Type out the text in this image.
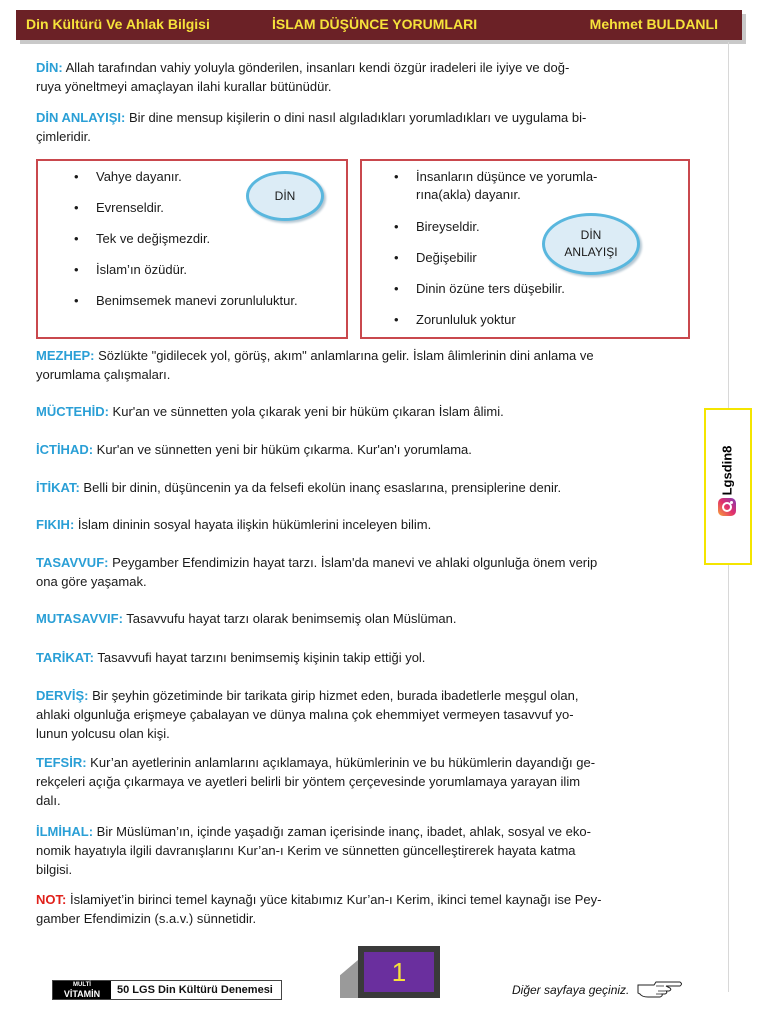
Din Kültürü Ve Ahlak Bilgisi	İSLAM DÜŞÜNCE YORUMLARI	Mehmet BULDANLI
DİN: Allah tarafından vahiy yoluyla gönderilen, insanları kendi özgür iradeleri ile iyiye ve doğ-
ruya yöneltmeyi amaçlayan ilahi kurallar bütünüdür.
DİN ANLAYIŞI: Bir dine mensup kişilerin o dini nasıl algıladıkları yorumladıkları ve uygulama bi-
çimleridir.
•	Vahye dayanır.
•	Evrenseldir.
•	Tek ve değişmezdir.
•	İslam’ın özüdür.
•	Benimsemek manevi zorunluluktur.
DİN
•	İnsanların düşünce ve yorumla-
rına(akla) dayanır.
•	Bireyseldir.
•	Değişebilir
•	Dinin özüne ters düşebilir.
•	Zorunluluk yoktur
DİN
ANLAYIŞI
MEZHEP: Sözlükte "gidilecek yol, görüş, akım" anlamlarına gelir. İslam âlimlerinin dini anlama ve
yorumlama çalışmaları.
MÜCTEHİD: Kur'an ve sünnetten yola çıkarak yeni bir hüküm çıkaran İslam âlimi.
İCTİHAD: Kur'an ve sünnetten yeni bir hüküm çıkarma. Kur'an'ı yorumlama.
İTİKAT: Belli bir dinin, düşüncenin ya da felsefi ekolün inanç esaslarına, prensiplerine denir.
FIKIH: İslam dininin sosyal hayata ilişkin hükümlerini inceleyen bilim.
TASAVVUF: Peygamber Efendimizin hayat tarzı. İslam'da manevi ve ahlaki olgunluğa önem verip
ona göre yaşamak.
MUTASAVVIF: Tasavvufu hayat tarzı olarak benimsemiş olan Müslüman.
TARİKAT: Tasavvufi hayat tarzını benimsemiş kişinin takip ettiği yol.
DERVİŞ: Bir şeyhin gözetiminde bir tarikata girip hizmet eden, burada ibadetlerle meşgul olan,
ahlaki olgunluğa erişmeye çabalayan ve dünya malına çok ehemmiyet vermeyen tasavvuf yo-
lunun yolcusu olan kişi.
TEFSİR: Kur’an ayetlerinin anlamlarını açıklamaya, hükümlerinin ve bu hükümlerin dayandığı ge-
rekçeleri açığa çıkarmaya ve ayetleri belirli bir yöntem çerçevesinde yorumlamaya yarayan ilim
dalı.
İLMİHAL: Bir Müslüman’ın, içinde yaşadığı zaman içerisinde inanç, ibadet, ahlak, sosyal ve eko-
nomik hayatıyla ilgili davranışlarını Kur’an-ı Kerim ve sünnetten güncelleştirerek hayata katma
bilgisi.
NOT: İslamiyet’in birinci temel kaynağı yüce kitabımız Kur’an-ı Kerim, ikinci temel kaynağı ise Pey-
gamber Efendimizin (s.a.v.) sünnetidir.
Lgsdin8
MULTİ
VİTAMİN	50 LGS Din Kültürü Denemesi
1
Diğer sayfaya geçiniz.
